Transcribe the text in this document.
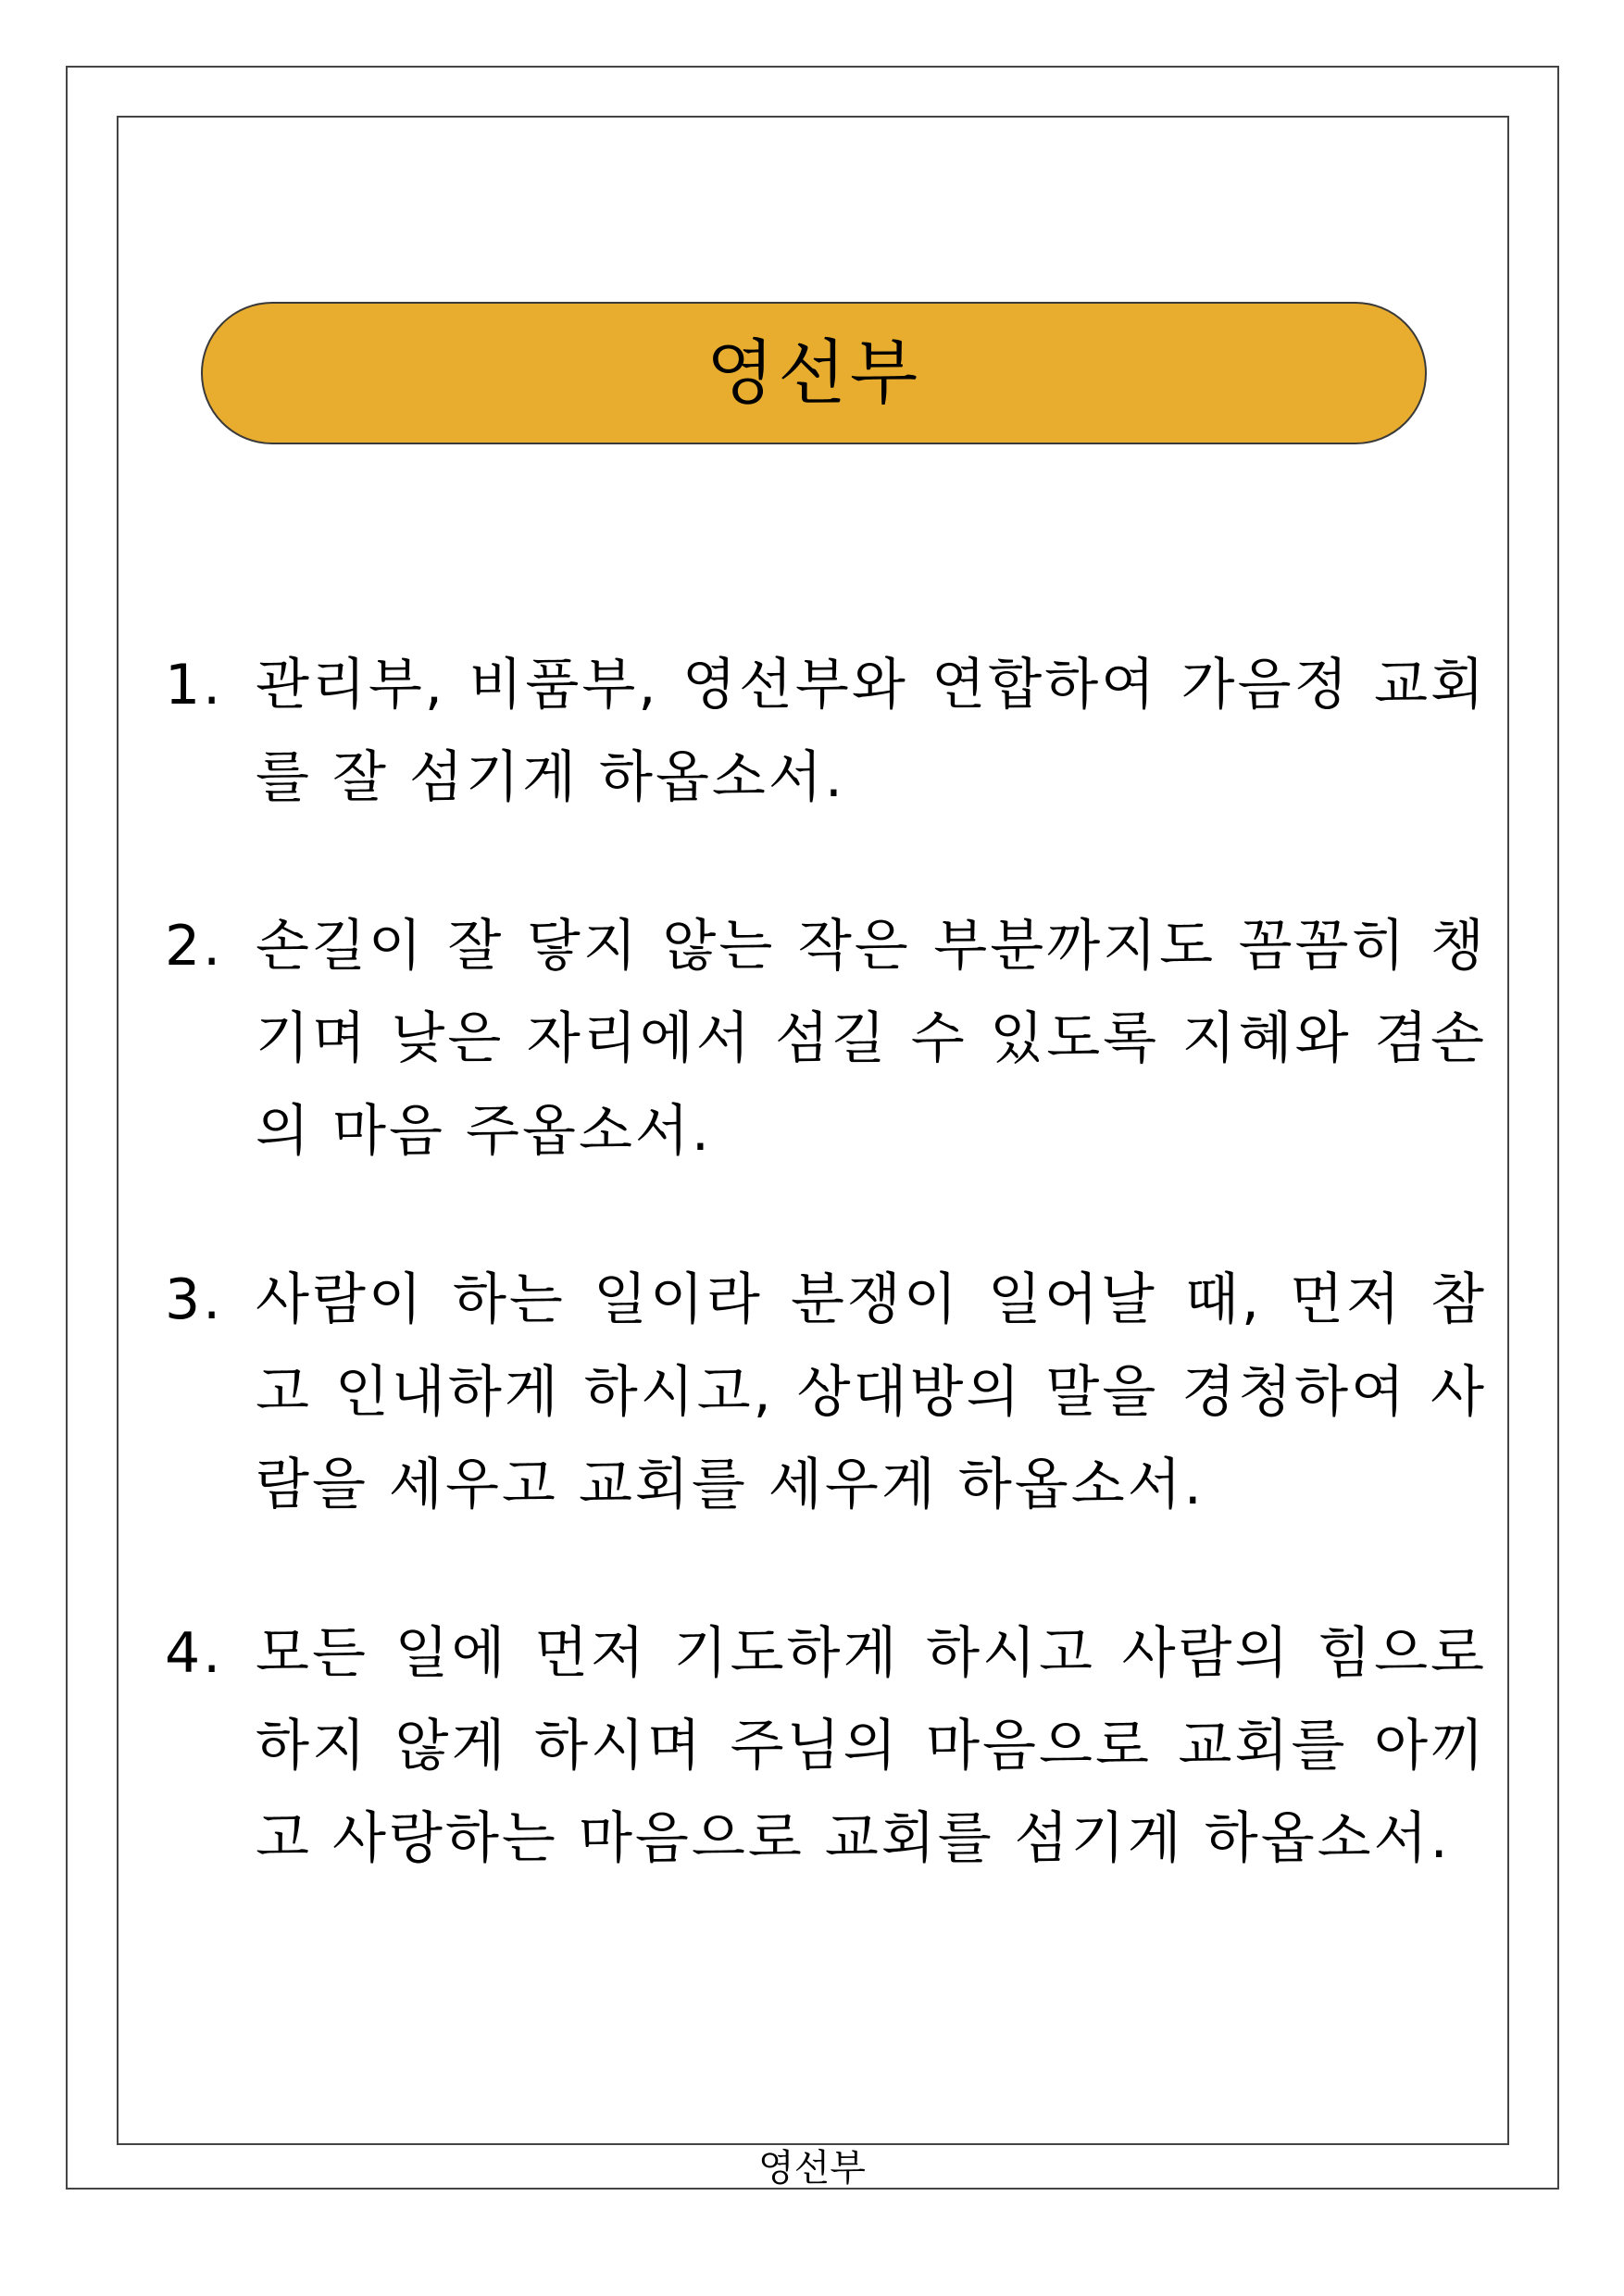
영선부
1. 관리부, 비품부, 영선부와 연합하여 가음정 교회를 잘 섬기게 하옵소서.
2. 손길이 잘 닿지 않는 작은 부분까지도 꼼꼼히 챙기며 낮은 자리에서 섬길 수 있도록 지혜와 겸손의 마음 주옵소서.
3. 사람이 하는 일이라 분쟁이 일어날 때, 먼저 참고 인내하게 하시고, 상대방의 말을 경청하여 사람을 세우고 교회를 세우게 하옵소서.
4. 모든 일에 먼저 기도하게 하시고 사람의 힘으로 하지 않게 하시며 주님의 마음으로 교회를 아끼고 사랑하는 마음으로 교회를 섬기게 하옵소서.
영선부
